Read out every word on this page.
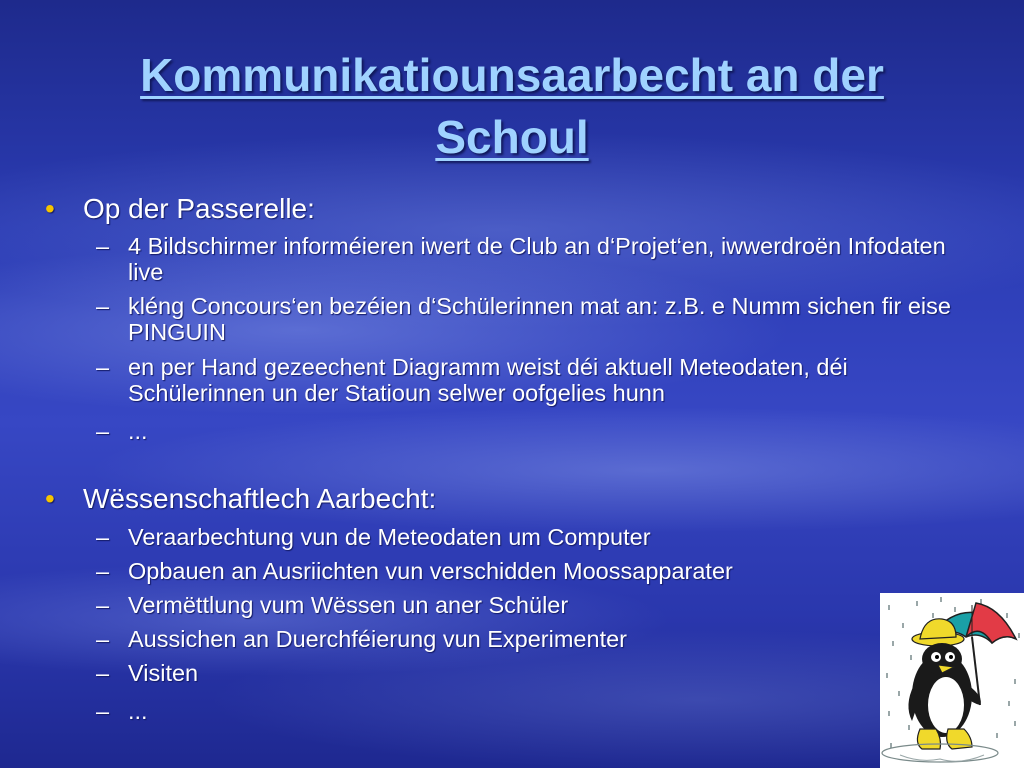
Kommunikatiounsaarbecht an der
Schoul
• Op der Passerelle:
– 4 Bildschirmer informéieren iwert de Club an d‘Projet‘en, iwwerdroën Infodaten live
– kléng Concours‘en bezéien d‘Schülerinnen mat an: z.B. e Numm sichen fir eise PINGUIN
– en per Hand gezeechent Diagramm weist déi aktuell Meteodaten, déi Schülerinnen un der Statioun selwer oofgelies hunn
– ...
• Wëssenschaftlech Aarbecht:
– Veraarbechtung vun de Meteodaten um Computer
– Opbauen an Ausriichten vun verschidden Moossapparater
– Vermëttlung vum Wëssen un aner Schüler
– Aussichen an Duerchféierung vun Experimenter
– Visiten
– ...
